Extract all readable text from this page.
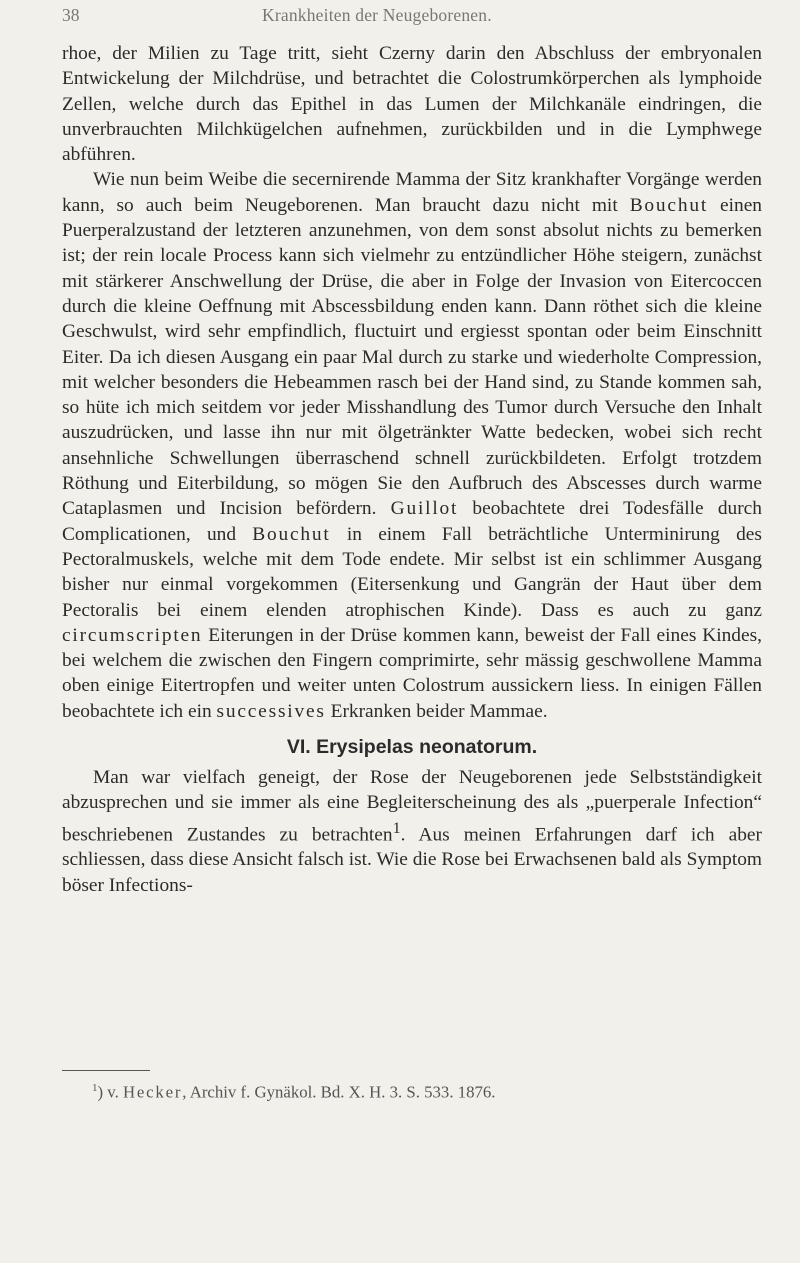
38	Krankheiten der Neugeborenen.

rhoe, der Milien zu Tage tritt, sieht Czerny darin den Abschluss der embryonalen Entwickelung der Milchdrüse, und betrachtet die Colostrumkörperchen als lymphoide Zellen, welche durch das Epithel in das Lumen der Milchkanäle eindringen, die unverbrauchten Milchkügelchen aufnehmen, zurückbilden und in die Lymphwege abführen.

Wie nun beim Weibe die secernirende Mamma der Sitz krankhafter Vorgänge werden kann, so auch beim Neugeborenen. Man braucht dazu nicht mit Bouchut einen Puerperalzustand der letzteren anzunehmen, von dem sonst absolut nichts zu bemerken ist; der rein locale Process kann sich vielmehr zu entzündlicher Höhe steigern, zunächst mit stärkerer Anschwellung der Drüse, die aber in Folge der Invasion von Eitercoccen durch die kleine Oeffnung mit Abscessbildung enden kann. Dann röthet sich die kleine Geschwulst, wird sehr empfindlich, fluctuirt und ergiesst spontan oder beim Einschnitt Eiter. Da ich diesen Ausgang ein paar Mal durch zu starke und wiederholte Compression, mit welcher besonders die Hebeammen rasch bei der Hand sind, zu Stande kommen sah, so hüte ich mich seitdem vor jeder Misshandlung des Tumor durch Versuche den Inhalt auszudrücken, und lasse ihn nur mit ölgetränkter Watte bedecken, wobei sich recht ansehnliche Schwellungen überraschend schnell zurückbildeten. Erfolgt trotzdem Röthung und Eiterbildung, so mögen Sie den Aufbruch des Abscesses durch warme Cataplasmen und Incision befördern. Guillot beobachtete drei Todesfälle durch Complicationen, und Bouchut in einem Fall beträchtliche Unterminirung des Pectoralmuskels, welche mit dem Tode endete. Mir selbst ist ein schlimmer Ausgang bisher nur einmal vorgekommen (Eitersenkung und Gangrän der Haut über dem Pectoralis bei einem elenden atrophischen Kinde). Dass es auch zu ganz circumscripten Eiterungen in der Drüse kommen kann, beweist der Fall eines Kindes, bei welchem die zwischen den Fingern comprimirte, sehr mässig geschwollene Mamma oben einige Eitertropfen und weiter unten Colostrum aussickern liess. In einigen Fällen beobachtete ich ein successives Erkranken beider Mammae.

VI. Erysipelas neonatorum.

Man war vielfach geneigt, der Rose der Neugeborenen jede Selbstständigkeit abzusprechen und sie immer als eine Begleiterscheinung des als „puerperale Infection“ beschriebenen Zustandes zu betrachten$^1$. Aus meinen Erfahrungen darf ich aber schliessen, dass diese Ansicht falsch ist. Wie die Rose bei Erwachsenen bald als Symptom böser Infections-

$^1$) v. Hecker, Archiv f. Gynäkol. Bd. X. H. 3. S. 533. 1876.
